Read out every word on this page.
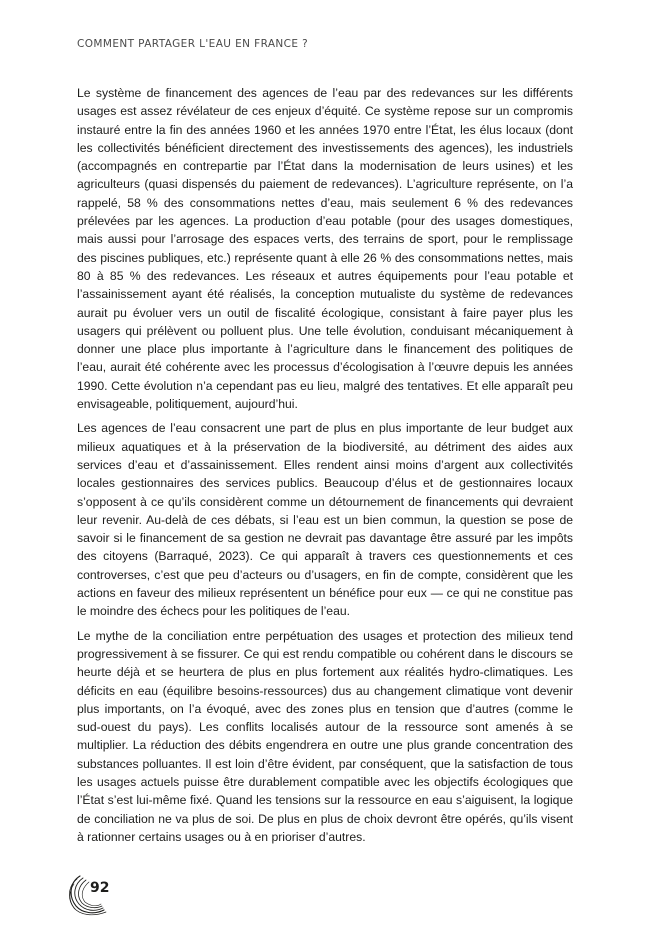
COMMENT PARTAGER L'EAU EN FRANCE ?

Le système de financement des agences de l’eau par des redevances sur les différents usages est assez révélateur de ces enjeux d’équité. Ce système repose sur un compromis instauré entre la fin des années 1960 et les années 1970 entre l’État, les élus locaux (dont les collectivités bénéficient directement des investissements des agences), les industriels (accompagnés en contrepartie par l’État dans la modernisation de leurs usines) et les agriculteurs (quasi dispensés du paiement de redevances). L’agriculture représente, on l’a rappelé, 58 % des consommations nettes d’eau, mais seulement 6 % des redevances prélevées par les agences. La production d’eau potable (pour des usages domestiques, mais aussi pour l’arrosage des espaces verts, des terrains de sport, pour le remplissage des piscines publiques, etc.) représente quant à elle 26 % des consommations nettes, mais 80 à 85 % des redevances. Les réseaux et autres équipements pour l’eau potable et l’assainissement ayant été réalisés, la conception mutualiste du système de redevances aurait pu évoluer vers un outil de fiscalité écologique, consistant à faire payer plus les usagers qui prélèvent ou polluent plus. Une telle évolution, conduisant mécaniquement à donner une place plus importante à l’agriculture dans le financement des politiques de l’eau, aurait été cohérente avec les processus d’écologisation à l’œuvre depuis les années 1990. Cette évolution n’a cependant pas eu lieu, malgré des tentatives. Et elle apparaît peu envisageable, politiquement, aujourd’hui.

Les agences de l’eau consacrent une part de plus en plus importante de leur budget aux milieux aquatiques et à la préservation de la biodiversité, au détriment des aides aux services d’eau et d’assainissement. Elles rendent ainsi moins d’argent aux collectivités locales gestionnaires des services publics. Beaucoup d’élus et de gestionnaires locaux s’opposent à ce qu’ils considèrent comme un détournement de financements qui devraient leur revenir. Au-delà de ces débats, si l’eau est un bien commun, la question se pose de savoir si le financement de sa gestion ne devrait pas davantage être assuré par les impôts des citoyens (Barraqué, 2023). Ce qui apparaît à travers ces questionnements et ces controverses, c’est que peu d’acteurs ou d’usagers, en fin de compte, considèrent que les actions en faveur des milieux représentent un bénéfice pour eux — ce qui ne constitue pas le moindre des échecs pour les politiques de l’eau.

Le mythe de la conciliation entre perpétuation des usages et protection des milieux tend progressivement à se fissurer. Ce qui est rendu compatible ou cohérent dans le discours se heurte déjà et se heurtera de plus en plus fortement aux réalités hydro-climatiques. Les déficits en eau (équilibre besoins-ressources) dus au changement climatique vont devenir plus importants, on l’a évoqué, avec des zones plus en tension que d’autres (comme le sud-ouest du pays). Les conflits localisés autour de la ressource sont amenés à se multiplier. La réduction des débits engendrera en outre une plus grande concentration des substances polluantes. Il est loin d’être évident, par conséquent, que la satisfaction de tous les usages actuels puisse être durablement compatible avec les objectifs écologiques que l’État s’est lui-même fixé. Quand les tensions sur la ressource en eau s’aiguisent, la logique de conciliation ne va plus de soi. De plus en plus de choix devront être opérés, qu’ils visent à rationner certains usages ou à en prioriser d’autres.

92
